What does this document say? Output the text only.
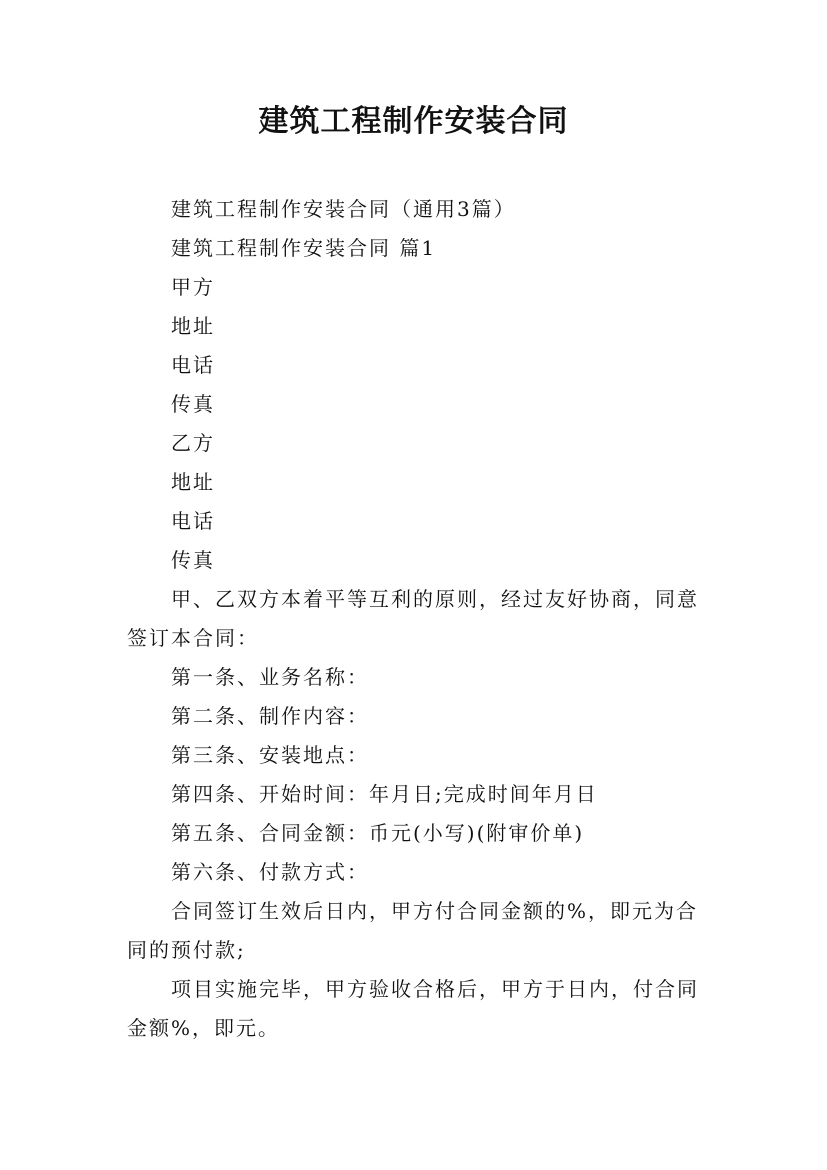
建筑工程制作安装合同

建筑工程制作安装合同（通用3篇）

建筑工程制作安装合同 篇1

甲方

地址

电话

传真

乙方

地址

电话

传真

甲、乙双方本着平等互利的原则，经过友好协商，同意签订本合同：

第一条、业务名称：

第二条、制作内容：

第三条、安装地点：

第四条、开始时间：年月日;完成时间年月日

第五条、合同金额：币元(小写)(附审价单)

第六条、付款方式：

合同签订生效后日内，甲方付合同金额的%，即元为合同的预付款;

项目实施完毕，甲方验收合格后，甲方于日内，付合同金额%，即元。
